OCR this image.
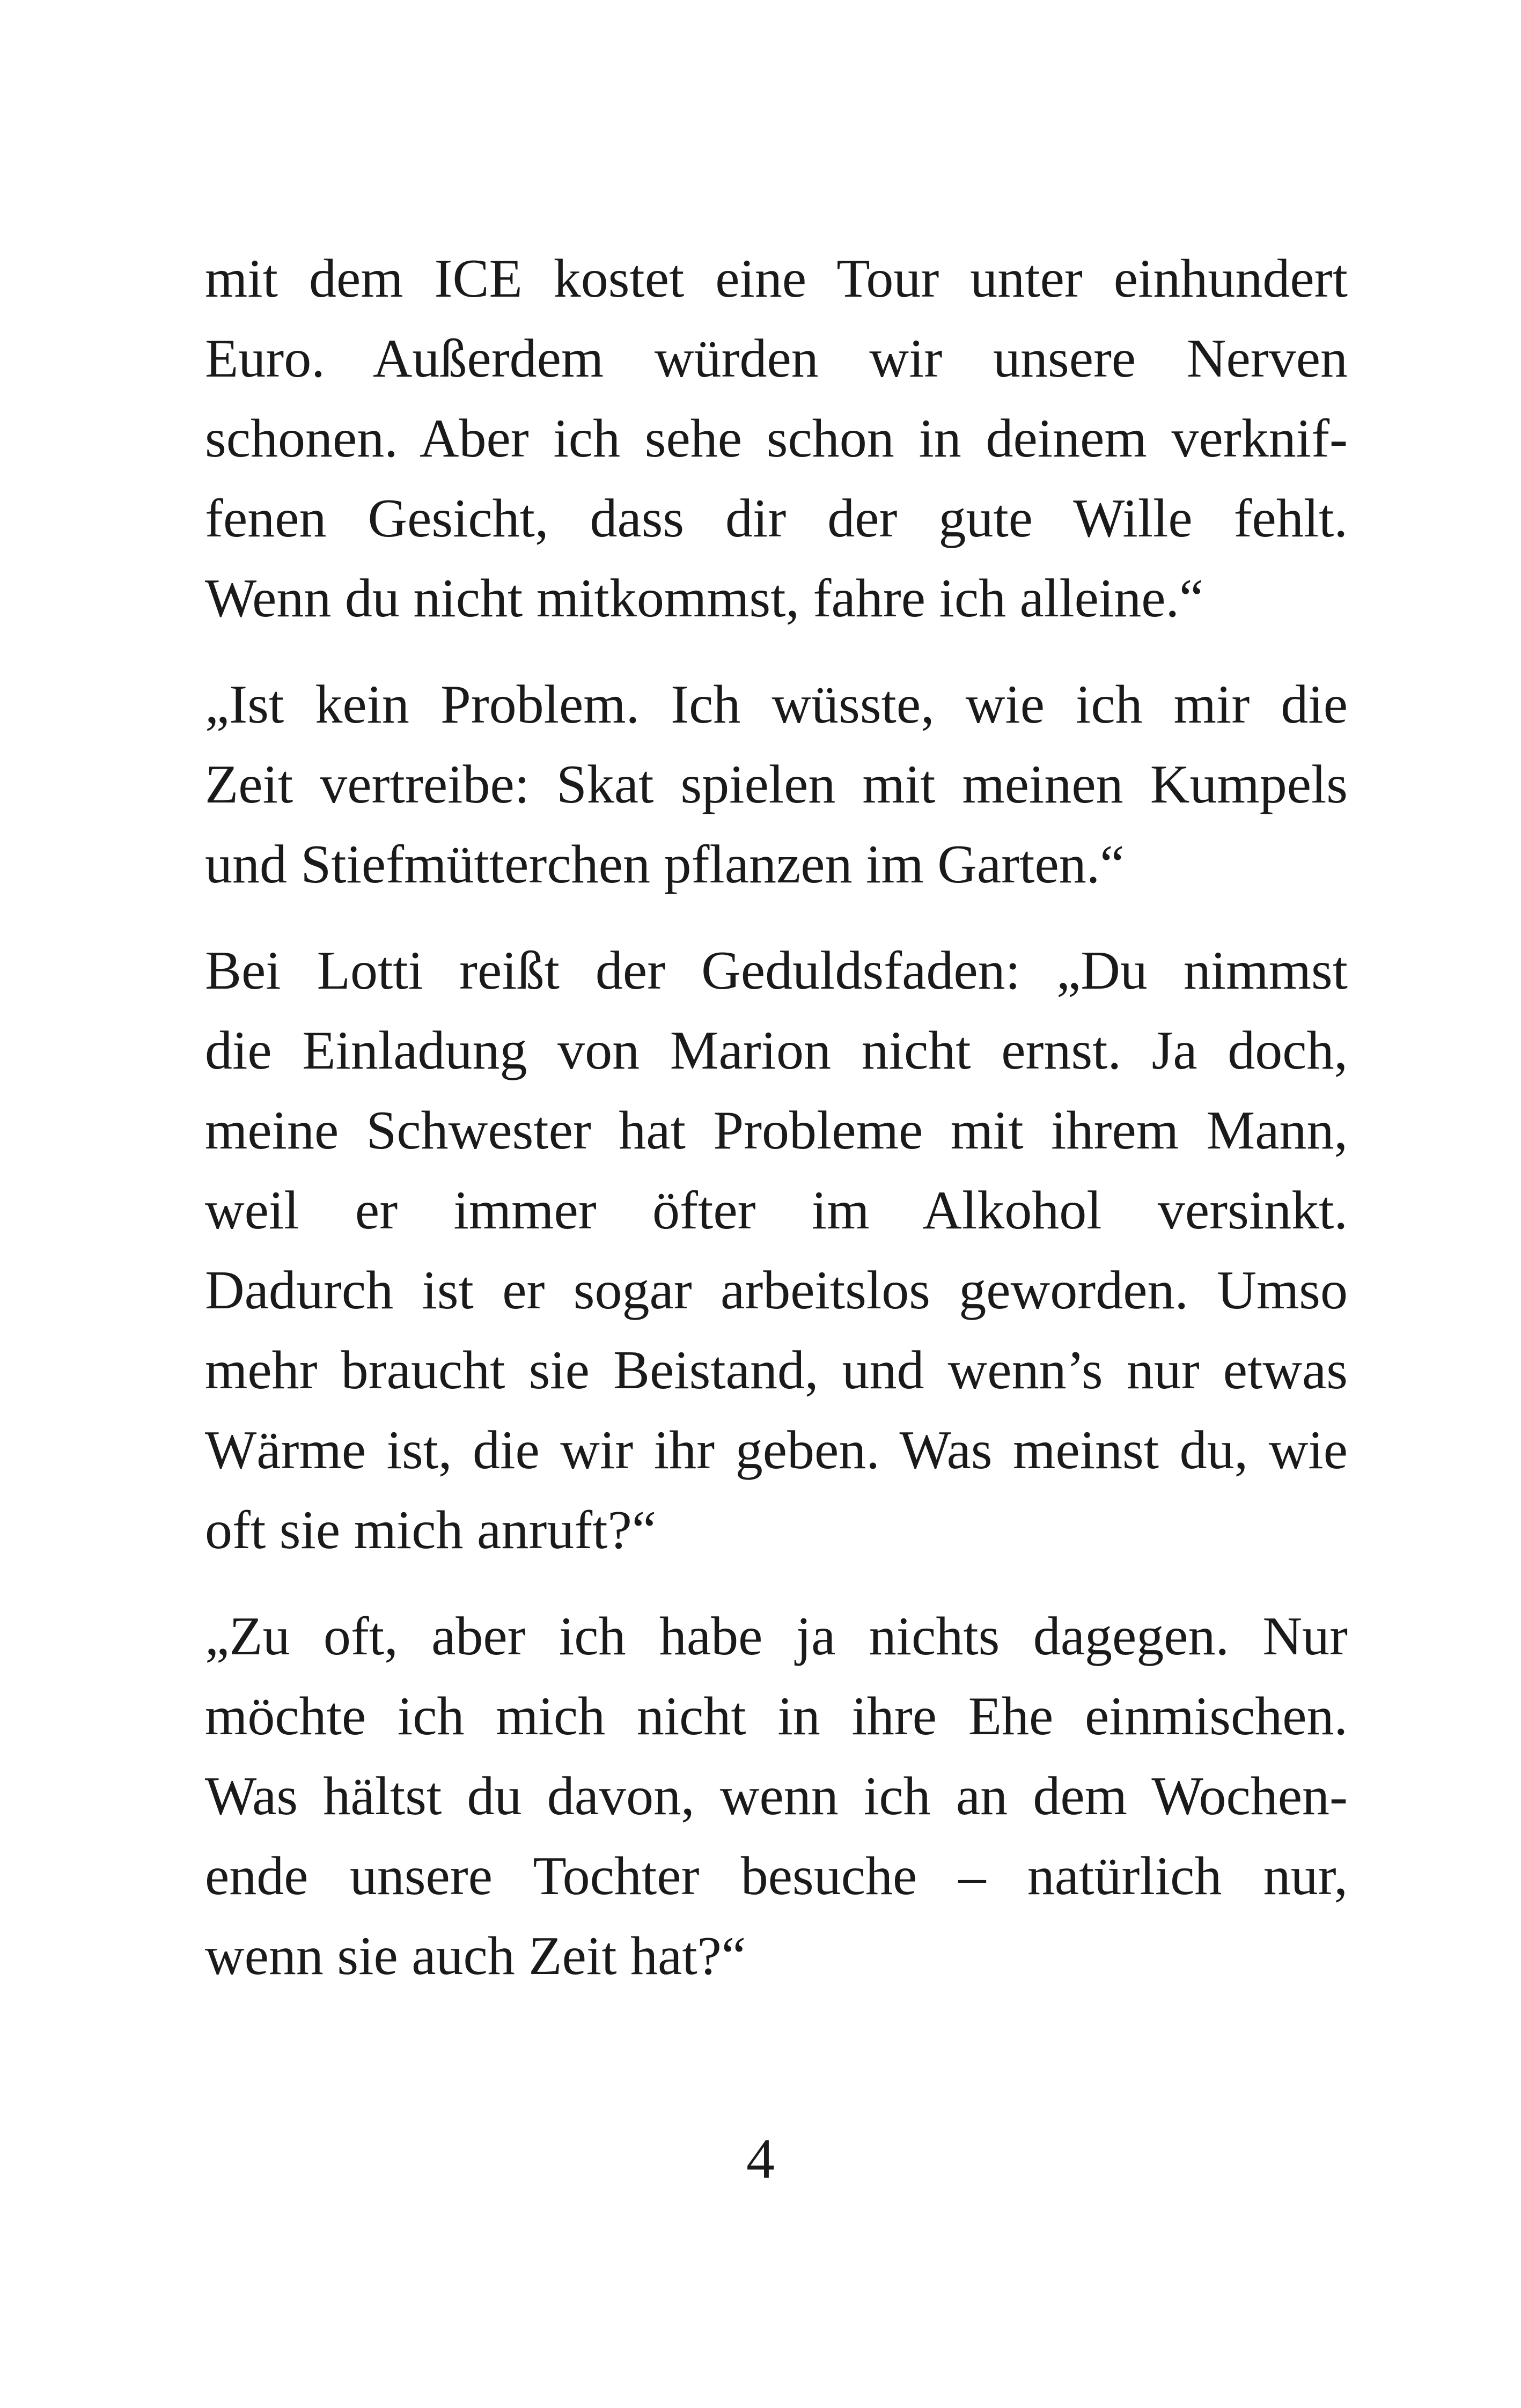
mit dem ICE kostet eine Tour unter einhundert
Euro. Außerdem würden wir unsere Nerven
schonen. Aber ich sehe schon in deinem verknif-
fenen Gesicht, dass dir der gute Wille fehlt.
Wenn du nicht mitkommst, fahre ich alleine.“

„Ist kein Problem. Ich wüsste, wie ich mir die
Zeit vertreibe: Skat spielen mit meinen Kumpels
und Stiefmütterchen pflanzen im Garten.“

Bei Lotti reißt der Geduldsfaden: „Du nimmst
die Einladung von Marion nicht ernst. Ja doch,
meine Schwester hat Probleme mit ihrem Mann,
weil er immer öfter im Alkohol versinkt.
Dadurch ist er sogar arbeitslos geworden. Umso
mehr braucht sie Beistand, und wenn’s nur etwas
Wärme ist, die wir ihr geben. Was meinst du, wie
oft sie mich anruft?“

„Zu oft, aber ich habe ja nichts dagegen. Nur
möchte ich mich nicht in ihre Ehe einmischen.
Was hältst du davon, wenn ich an dem Wochen-
ende unsere Tochter besuche – natürlich nur,
wenn sie auch Zeit hat?“

4
